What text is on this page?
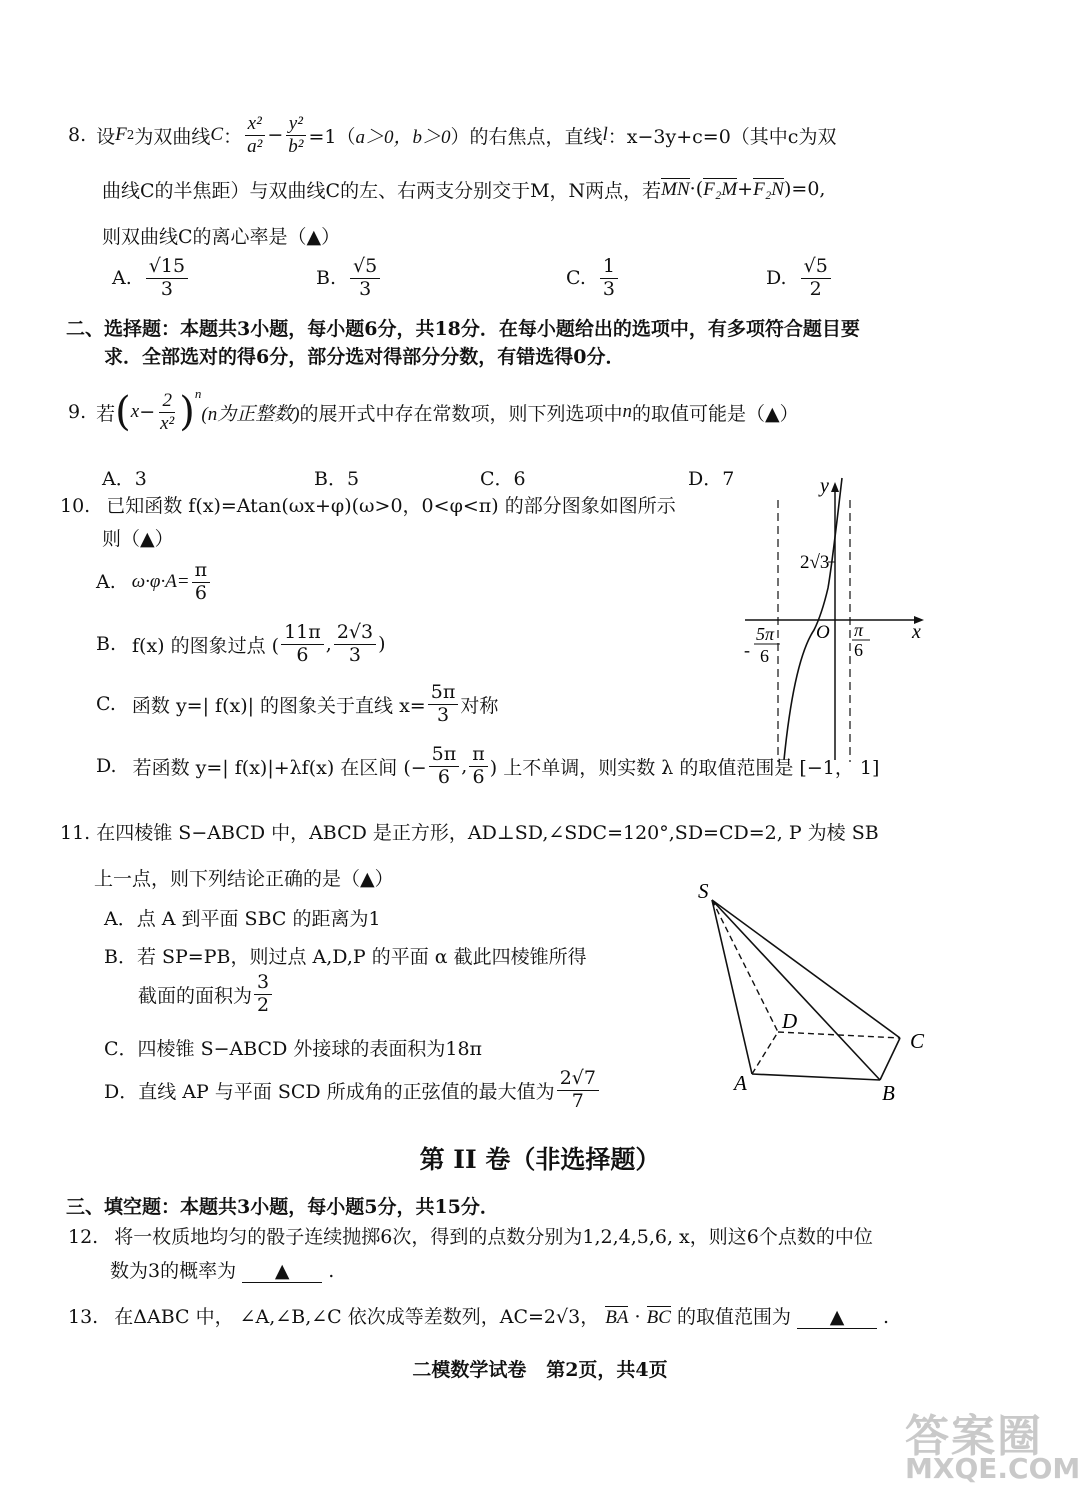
8. 设 F 2 为双曲线 C ： $\frac{\text{x²}}{\text{a²}} - \frac{\text{y²}}{\text{b²}} =1$（ a＞0，b＞0 ）的右焦点，直线 l ：x−3y+c=0（其中c为双
曲线C的半焦距）与双曲线C的左、右两支分别交于M，N两点，若 MN ·( F₂M + F₂N )=0,
则双曲线C的离心率是（▲）
A. $\frac{√15}{3}$	B. $\frac{√5}{3}$	C. $\frac{1}{3}$	D. $\frac{√5}{2}$
二、选择题：本题共3小题，每小题6分，共18分．在每小题给出的选项中，有多项符合题目要
求．全部选对的得6分，部分选对得部分分数，有错选得0分．
9. 若 ( $x - \frac{2}{\text{x²}} )^n$
(n为正整数) 的展开式中存在常数项，则下列选项中 n 的取值可能是（▲）
A．3	B．5	C．6	D．7
10. 已知函数 f(x)=Atan(ωx+φ)(ω>0，0<φ<π) 的部分图象如图所示
则（▲）
A. $\omega\cdot\varphi\cdot A= \frac{\pi}{6}$
B. f(x) 的图象过点 ( $\frac{11\pi}{6}$ , $\frac{2√3}{3}$ )
C. 函数 y=| f(x)| 的图象关于直线 $x= \frac{5\pi}{3}$ 对称
D. 若函数 y=| f(x)|+λf(x) 在区间 (− $\frac{5\pi}{6}$ , $\frac{\pi}{6}$ ) 上不单调，则实数 λ 的取值范围是 [−1， 1]
y
x
O
2√3
5π
- 6
π
6
11. 在四棱锥 S−ABCD 中，ABCD 是正方形，AD⊥SD,∠SDC=120°,SD=CD=2, P 为棱 SB
上一点，则下列结论正确的是（▲）
A．点 A 到平面 SBC 的距离为1
B．若 SP=PB，则过点 A,D,P 的平面 α 截此四棱锥所得
截面的面积为 $\frac{3}{2}$
C．四棱锥 S−ABCD 外接球的表面积为18π
D．直线 AP 与平面 SCD 所成角的正弦值的最大值为 $\frac{2√7}{7}$
S
D
C
A	B
第 II 卷（非选择题）
三、填空题：本题共3小题，每小题5分，共15分．
12. 将一枚质地均匀的骰子连续抛掷6次，得到的点数分别为1,2,4,5,6, x，则这6个点数的中位
数为3的概率为 ▲ .
13. 在ΔABC 中， ∠A,∠B,∠C 依次成等差数列，AC=2√3， BA · BC 的取值范围为 ▲ .
二模数学试卷   第2页，共4页
答案圈
MXQE.COM
